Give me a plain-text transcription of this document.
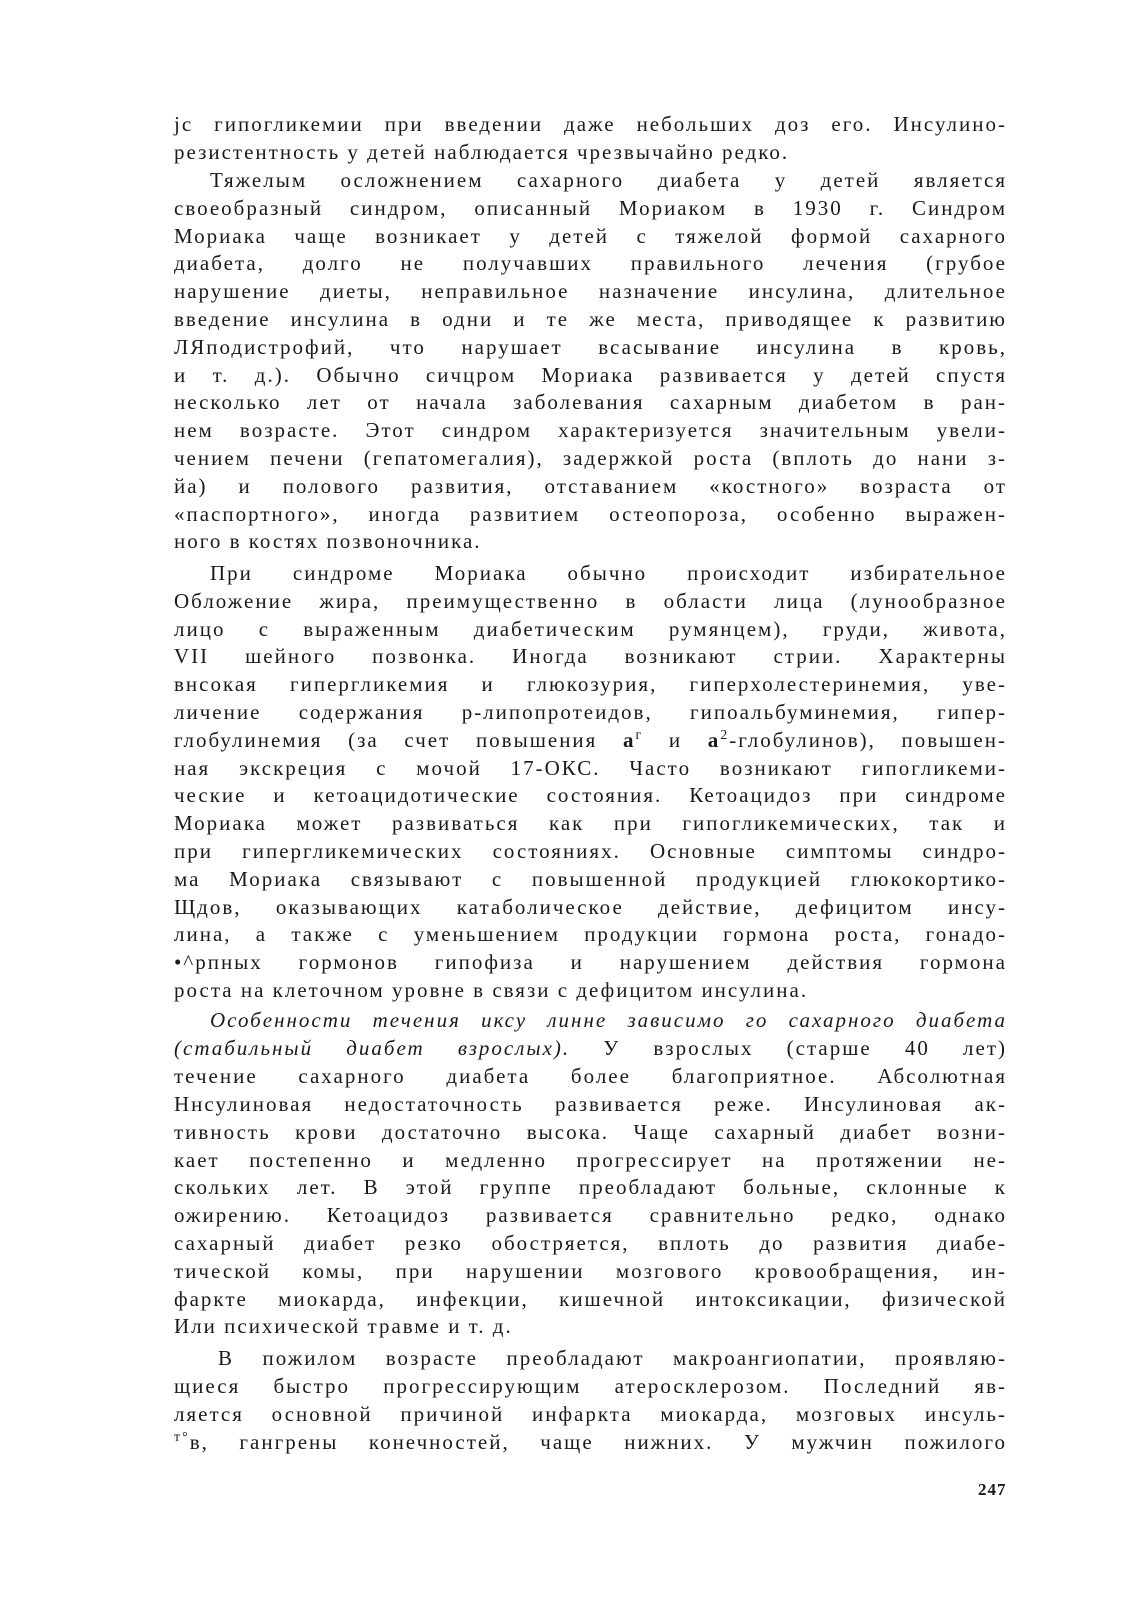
jс гипогликемии при введении даже небольших доз его. Инсулино-
резистентность у детей наблюдается чрезвычайно редко.
Тяжелым осложнением сахарного диабета у детей является
своеобразный синдром, описанный Мориаком в 1930 г. Синдром
Мориака чаще возникает у детей с тяжелой формой сахарного
диабета, долго не получавших правильного лечения (грубое
нарушение диеты, неправильное назначение инсулина, длительное
введение инсулина в одни и те же места, приводящее к развитию
ЛЯподистрофий, что нарушает всасывание инсулина в кровь,
и т. д.). Обычно сичцром Мориака развивается у детей спустя
несколько лет от начала заболевания сахарным диабетом в ран-
нем возрасте. Этот синдром характеризуется значительным увели-
чением печени (гепатомегалия), задержкой роста (вплоть до нани з-
йа) и полового развития, отставанием «костного» возраста от
«паспортного», иногда развитием остеопороза, особенно выражен-
ного в костях позвоночника.
При синдроме Мориака обычно происходит избирательное
Обложение жира, преимущественно в области лица (лунообразное
лицо с выраженным диабетическим румянцем), груди, живота,
VII шейного позвонка. Иногда возникают стрии. Характерны
внсокая гипергликемия и глюкозурия, гиперхолестеринемия, уве-
личение содержания р-липопротеидов, гипоальбуминемия, гипер-
глобулинемия (за счет повышения $а^г$ и $а^2-глобулинов$), повышен-
ная экскреция с мочой 17-ОКС. Часто возникают гипогликеми-
ческие и кетоацидотические состояния. Кетоацидоз при синдроме
Мориака может развиваться как при гипогликемических, так и
при гипергликемических состояниях. Основные симптомы синдро-
ма Мориака связывают с повышенной продукцией глюкокортико-
Щдов, оказывающих катаболическое действие, дефицитом инсу-
лина, а также с уменьшением продукции гормона роста, гонадо-
•^рпных гормонов гипофиза и нарушением действия гормона
роста на клеточном уровне в связи с дефицитом инсулина.
Особенности течения иксу линне зависимо го сахарного диабета
(стабильный диабет взрослых). У взрослых (старше 40 лет)
течение сахарного диабета более благоприятное. Абсолютная
Ннсулиновая недостаточность развивается реже. Инсулиновая ак-
тивность крови достаточно высока. Чаще сахарный диабет возни-
кает постепенно и медленно прогрессирует на протяжении не-
скольких лет. В этой группе преобладают больные, склонные к
ожирению. Кетоацидоз развивается сравнительно редко, однако
сахарный диабет резко обостряется, вплоть до развития диабе-
тической комы, при нарушении мозгового кровообращения, ин-
фаркте миокарда, инфекции, кишечной интоксикации, физической
Или психической травме и т. д.
В пожилом возрасте преобладают макроангиопатии, проявляю-
щиеся быстро прогрессирующим атеросклерозом. Последний яв-
ляется основной причиной инфаркта миокарда, мозговых инсуль-
$^{т^\circ}$в, гангрены конечностей, чаще нижних. У мужчин пожилого
247
